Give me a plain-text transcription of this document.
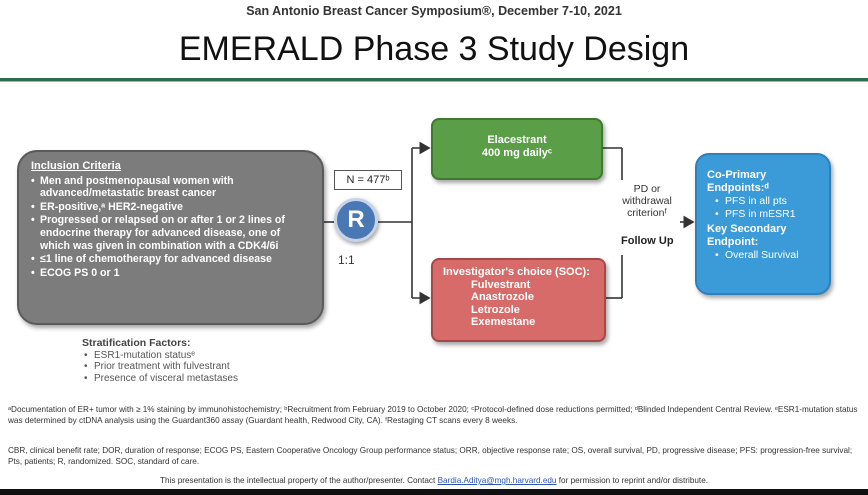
San Antonio Breast Cancer Symposium®, December 7-10, 2021
EMERALD Phase 3 Study Design
Inclusion Criteria
• Men and postmenopausal women with advanced/metastatic breast cancer
• ER-positive,ᵃ HER2-negative
• Progressed or relapsed on or after 1 or 2 lines of endocrine therapy for advanced disease, one of which was given in combination with a CDK4/6i
• ≤1 line of chemotherapy for advanced disease
• ECOG PS 0 or 1
N = 477ᵇ
R
1:1
Elacestrant
400 mg dailyᶜ
Investigator's choice (SOC):
Fulvestrant
Anastrozole
Letrozole
Exemestane
PD or
withdrawal
criterionᶠ
Follow Up
Co-Primary Endpoints:ᵈ
• PFS in all pts
• PFS in mESR1
Key Secondary Endpoint:
• Overall Survival
Stratification Factors:
• ESR1-mutation statusᵉ
• Prior treatment with fulvestrant
• Presence of visceral metastases
ᵃDocumentation of ER+ tumor with ≥ 1% staining by immunohistochemistry; ᵇRecruitment from February 2019 to October 2020; ᶜProtocol-defined dose reductions permitted; ᵈBlinded Independent Central Review. ᵉESR1-mutation status was determined by ctDNA analysis using the Guardant360 assay (Guardant health, Redwood City, CA). ᶠRestaging CT scans every 8 weeks.
CBR, clinical benefit rate; DOR, duration of response; ECOG PS, Eastern Cooperative Oncology Group performance status; ORR, objective response rate; OS, overall survival, PD, progressive disease; PFS: progression-free survival; Pts, patients; R, randomized. SOC, standard of care.
This presentation is the intellectual property of the author/presenter. Contact Bardia.Aditya@mgh.harvard.edu for permission to reprint and/or distribute.
